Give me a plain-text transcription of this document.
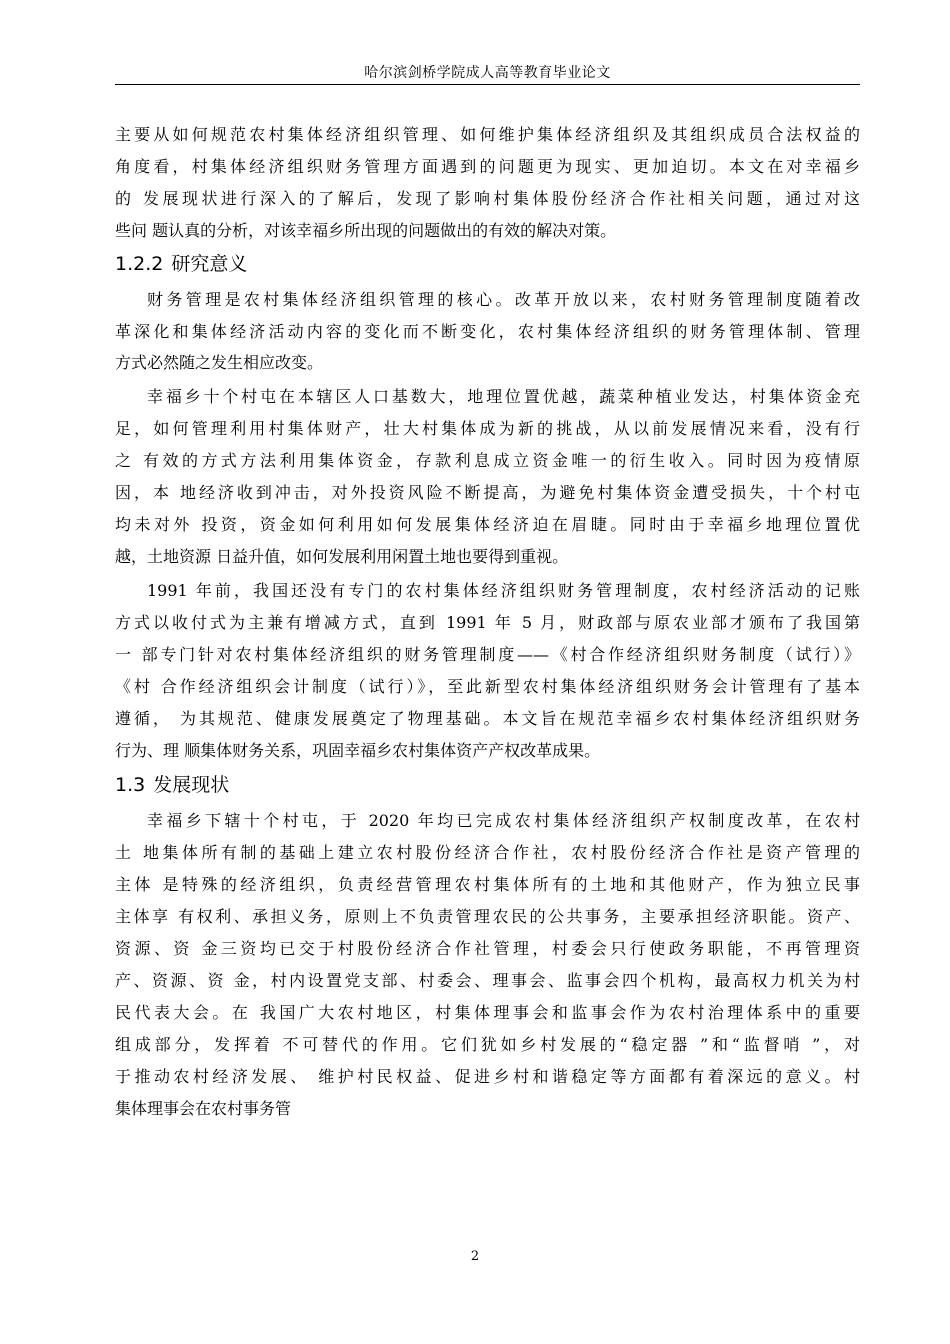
哈尔滨剑桥学院成人高等教育毕业论文
主要从如何规范农村集体经济组织管理、如何维护集体经济组织及其组织成员合法权益的
角度看，村集体经济组织财务管理方面遇到的问题更为现实、更加迫切。本文在对幸福乡
的 发展现状进行深入的了解后，发现了影响村集体股份经济合作社相关问题，通过对这
些问 题认真的分析，对该幸福乡所出现的问题做出的有效的解决对策。
1.2.2 研究意义
财务管理是农村集体经济组织管理的核心。改革开放以来，农村财务管理制度随着改
革深化和集体经济活动内容的变化而不断变化，农村集体经济组织的财务管理体制、管理
方式必然随之发生相应改变。
幸福乡十个村屯在本辖区人口基数大，地理位置优越，蔬菜种植业发达，村集体资金充
足，如何管理利用村集体财产，壮大村集体成为新的挑战，从以前发展情况来看，没有行
之 有效的方式方法利用集体资金，存款利息成立资金唯一的衍生收入。同时因为疫情原
因，本 地经济收到冲击，对外投资风险不断提高，为避免村集体资金遭受损失，十个村屯
均未对外 投资，资金如何利用如何发展集体经济迫在眉睫。同时由于幸福乡地理位置优
越，土地资源 日益升值，如何发展利用闲置土地也要得到重视。
1991 年前，我国还没有专门的农村集体经济组织财务管理制度，农村经济活动的记账
方式以收付式为主兼有增减方式，直到 1991 年 5 月，财政部与原农业部才颁布了我国第
一 部专门针对农村集体经济组织的财务管理制度——《村合作经济组织财务制度（试行）》
《村 合作经济组织会计制度（试行）》，至此新型农村集体经济组织财务会计管理有了基本
遵循， 为其规范、健康发展奠定了物理基础。本文旨在规范幸福乡农村集体经济组织财务
行为、理 顺集体财务关系，巩固幸福乡农村集体资产产权改革成果。
1.3 发展现状
幸福乡下辖十个村屯，于 2020 年均已完成农村集体经济组织产权制度改革，在农村
土 地集体所有制的基础上建立农村股份经济合作社，农村股份经济合作社是资产管理的
主体 是特殊的经济组织，负责经营管理农村集体所有的土地和其他财产，作为独立民事
主体享 有权利、承担义务，原则上不负责管理农民的公共事务，主要承担经济职能。资产、
资源、资 金三资均已交于村股份经济合作社管理，村委会只行使政务职能，不再管理资
产、资源、资 金，村内设置党支部、村委会、理事会、监事会四个机构，最高权力机关为村
民代表大会。在 我国广大农村地区，村集体理事会和监事会作为农村治理体系中的重要
组成部分，发挥着 不可替代的作用。它们犹如乡村发展的“稳定器 ”和“监督哨 ”，对
于推动农村经济发展、 维护村民权益、促进乡村和谐稳定等方面都有着深远的意义。村
集体理事会在农村事务管
2
